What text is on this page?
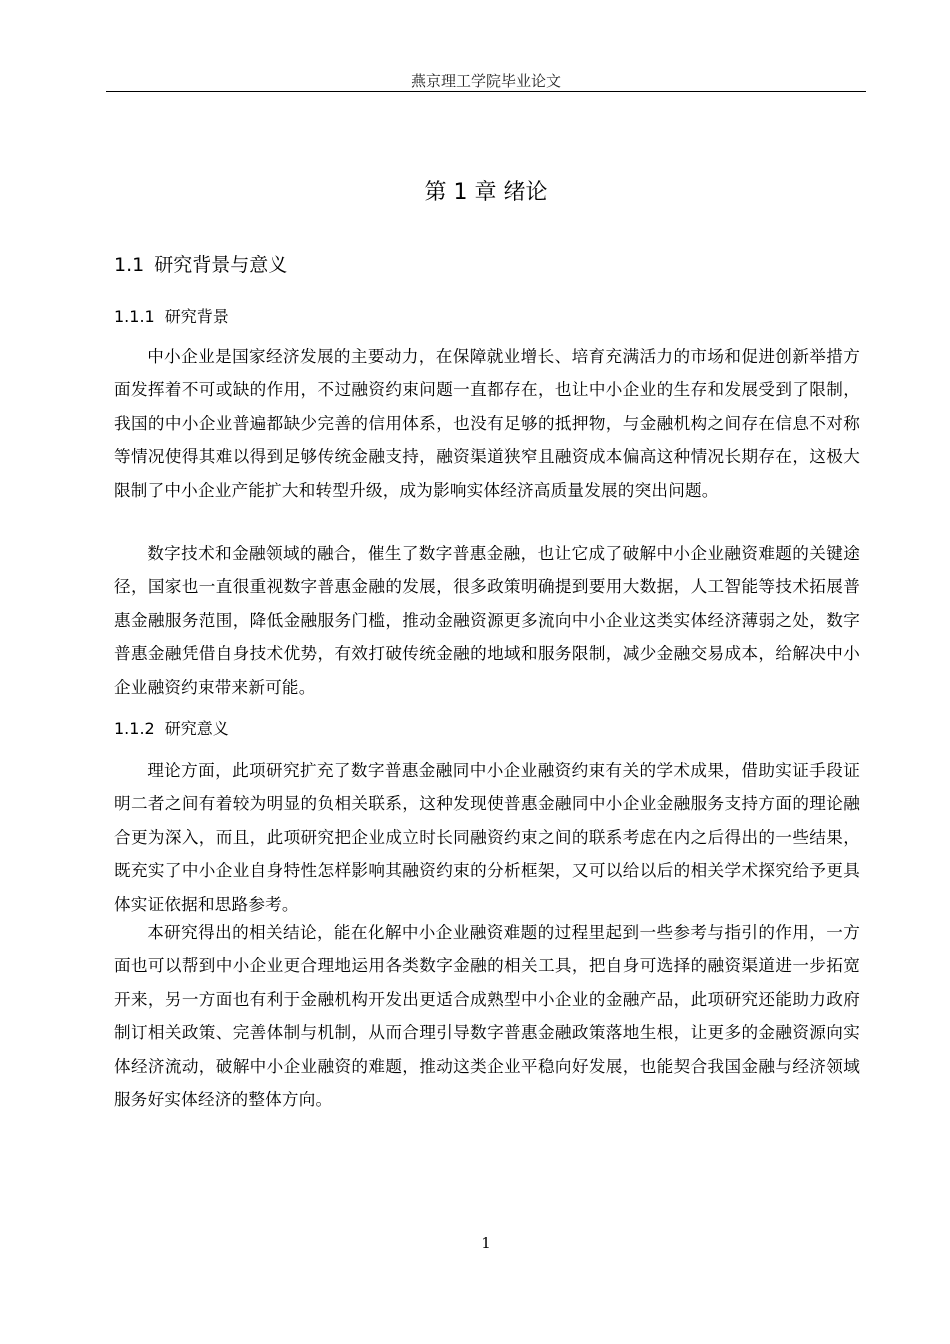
燕京理工学院毕业论文
第 1 章 绪论
1.1 研究背景与意义
1.1.1 研究背景

中小企业是国家经济发展的主要动力，在保障就业增长、培育充满活力的市场和促进创新举措方面发挥着不可或缺的作用，不过融资约束问题一直都存在，也让中小企业的生存和发展受到了限制，我国的中小企业普遍都缺少完善的信用体系，也没有足够的抵押物，与金融机构之间存在信息不对称等情况使得其难以得到足够传统金融支持，融资渠道狭窄且融资成本偏高这种情况长期存在，这极大限制了中小企业产能扩大和转型升级，成为影响实体经济高质量发展的突出问题。

数字技术和金融领域的融合，催生了数字普惠金融，也让它成了破解中小企业融资难题的关键途径，国家也一直很重视数字普惠金融的发展，很多政策明确提到要用大数据，人工智能等技术拓展普惠金融服务范围，降低金融服务门槛，推动金融资源更多流向中小企业这类实体经济薄弱之处，数字普惠金融凭借自身技术优势，有效打破传统金融的地域和服务限制，减少金融交易成本，给解决中小企业融资约束带来新可能。

1.1.2 研究意义

理论方面，此项研究扩充了数字普惠金融同中小企业融资约束有关的学术成果，借助实证手段证明二者之间有着较为明显的负相关联系，这种发现使普惠金融同中小企业金融服务支持方面的理论融合更为深入，而且，此项研究把企业成立时长同融资约束之间的联系考虑在内之后得出的一些结果，既充实了中小企业自身特性怎样影响其融资约束的分析框架，又可以给以后的相关学术探究给予更具体实证依据和思路参考。

本研究得出的相关结论，能在化解中小企业融资难题的过程里起到一些参考与指引的作用，一方面也可以帮到中小企业更合理地运用各类数字金融的相关工具，把自身可选择的融资渠道进一步拓宽开来，另一方面也有利于金融机构开发出更适合成熟型中小企业的金融产品，此项研究还能助力政府制订相关政策、完善体制与机制，从而合理引导数字普惠金融政策落地生根，让更多的金融资源向实体经济流动，破解中小企业融资的难题，推动这类企业平稳向好发展，也能契合我国金融与经济领域服务好实体经济的整体方向。

1
